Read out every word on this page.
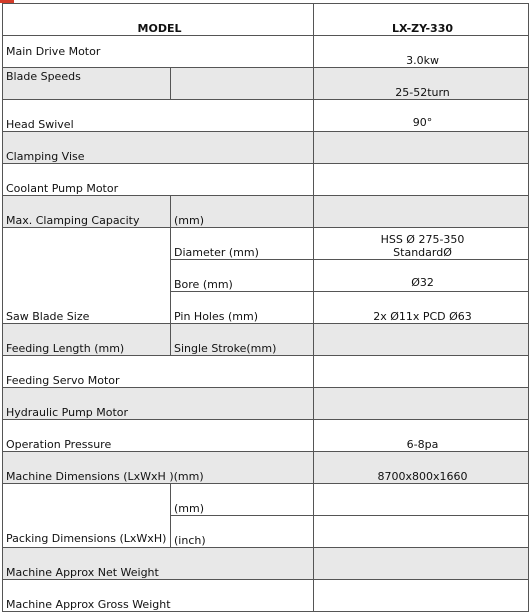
MODEL		LX-ZY-330
Main Drive Motor		3.0kw
Blade Speeds		25-52turn
Head Swivel		90°
Clamping Vise		
Coolant Pump Motor		
Max. Clamping Capacity	(mm)	
Saw Blade Size	Diameter (mm)	HSS Ø 275-350
StandardØ

	Bore (mm)	Ø32
	Pin Holes (mm)	2x Ø11x PCD Ø63
Feeding Length (mm)	Single Stroke(mm)	
Feeding Servo Motor		
Hydraulic Pump Motor		
Operation Pressure		6-8pa
Machine Dimensions (LxWxH )(mm)		8700x800x1660
Packing Dimensions (LxWxH)	(mm)	
	(inch)	
Machine Approx Net Weight		
Machine Approx Gross Weight		
